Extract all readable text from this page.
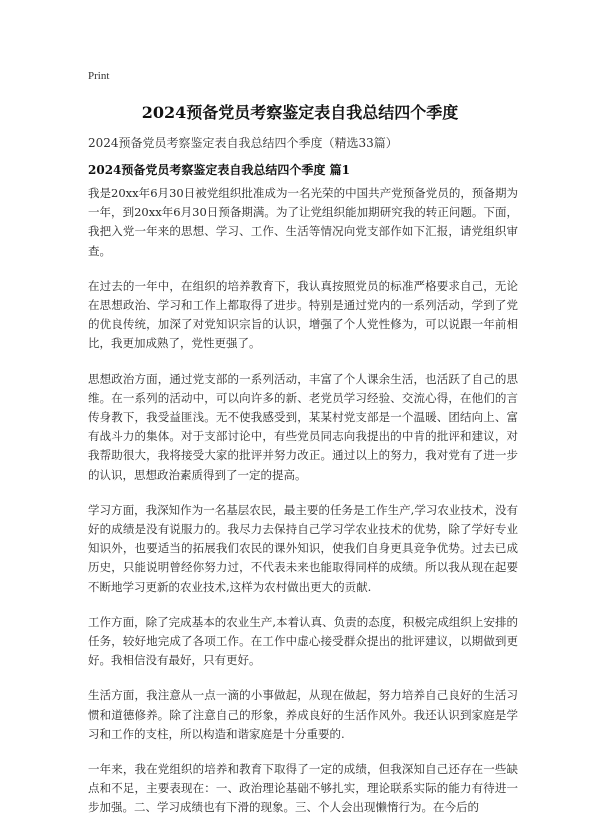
Print
2024预备党员考察鉴定表自我总结四个季度

2024预备党员考察鉴定表自我总结四个季度（精选33篇）

2024预备党员考察鉴定表自我总结四个季度 篇1

我是20xx年6月30日被党组织批准成为一名光荣的中国共产党预备党员的，预备期为一年，到20xx年6月30日预备期满。为了让党组织能加期研究我的转正问题。下面，我把入党一年来的思想、学习、工作、生活等情况向党支部作如下汇报，请党组织审查。

在过去的一年中，在组织的培养教育下，我认真按照党员的标准严格要求自己，无论在思想政治、学习和工作上都取得了进步。特别是通过党内的一系列活动，学到了党的优良传统，加深了对党知识宗旨的认识，增强了个人党性修为，可以说跟一年前相比，我更加成熟了，党性更强了。

思想政治方面，通过党支部的一系列活动，丰富了个人课余生活，也活跃了自己的思维。在一系列的活动中，可以向许多的新、老党员学习经验、交流心得，在他们的言传身教下，我受益匪浅。无不使我感受到，某某村党支部是一个温暖、团结向上、富有战斗力的集体。对于支部讨论中，有些党员同志向我提出的中肯的批评和建议，对我帮助很大，我将接受大家的批评并努力改正。通过以上的努力，我对党有了进一步的认识，思想政治素质得到了一定的提高。

学习方面，我深知作为一名基层农民，最主要的任务是工作生产,学习农业技术，没有好的成绩是没有说服力的。我尽力去保持自己学习学农业技术的优势，除了学好专业知识外，也要适当的拓展我们农民的课外知识，使我们自身更具竞争优势。过去已成历史，只能说明曾经你努力过，不代表未来也能取得同样的成绩。所以我从现在起要不断地学习更新的农业技术,这样为农村做出更大的贡献.

工作方面，除了完成基本的农业生产,本着认真、负责的态度，积极完成组织上安排的任务，较好地完成了各项工作。在工作中虚心接受群众提出的批评建议，以期做到更好。我相信没有最好，只有更好。

生活方面，我注意从一点一滴的小事做起，从现在做起，努力培养自己良好的生活习惯和道德修养。除了注意自己的形象，养成良好的生活作风外。我还认识到家庭是学习和工作的支柱，所以构造和谐家庭是十分重要的.

一年来，我在党组织的培养和教育下取得了一定的成绩，但我深知自己还存在一些缺点和不足，主要表现在：一、政治理论基础不够扎实，理论联系实际的能力有待进一步加强。二、学习成绩也有下滑的现象。三、个人会出现懒惰行为。在今后的
